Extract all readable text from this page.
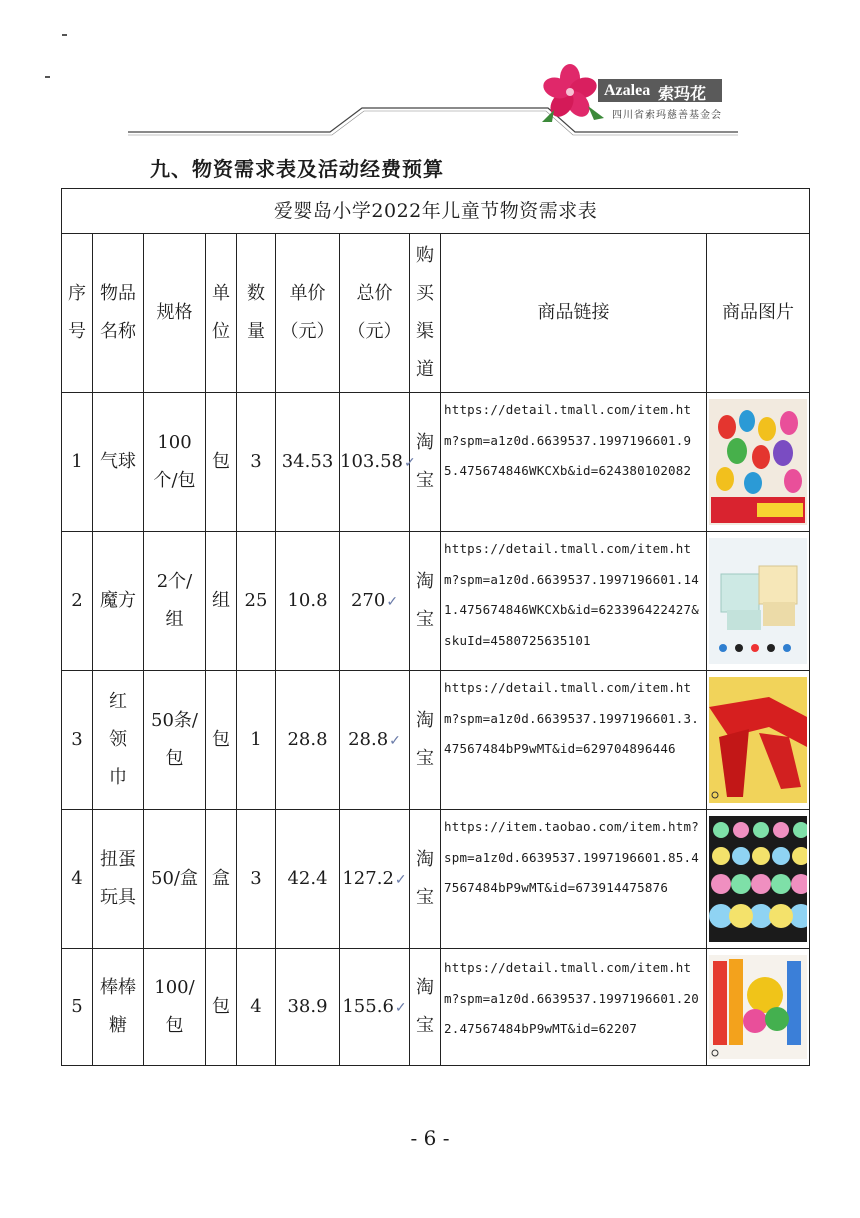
Azalea 索玛花
四川省索玛慈善基金会
九、物资需求表及活动经费预算
爱婴岛小学2022年儿童节物资需求表									
序号	物品名称	规格	单位	数量	单价（元）	总价（元）	购买渠道	商品链接	商品图片
1	气球	100个/包	包	3	34.53	103.58✓	淘宝	https://detail.tmall.com/item.htm?spm=a1z0d.6639537.1997196601.95.475674846WKCXb&id=624380102082	

2	魔方	2个/组	组	25	10.8	270✓	淘宝	https://detail.tmall.com/item.htm?spm=a1z0d.6639537.1997196601.141.475674846WKCXb&id=623396422427&skuId=4580725635101	

3	红领巾	50条/包	包	1	28.8	28.8✓	淘宝	https://detail.tmall.com/item.htm?spm=a1z0d.6639537.1997196601.3.47567484bP9wMT&id=629704896446	

4	扭蛋玩具	50/盒	盒	3	42.4	127.2✓	淘宝	https://item.taobao.com/item.htm?spm=a1z0d.6639537.1997196601.85.47567484bP9wMT&id=673914475876	

5	棒棒糖	100/包	包	4	38.9	155.6✓	淘宝	https://detail.tmall.com/item.htm?spm=a1z0d.6639537.1997196601.202.47567484bP9wMT&id=62207	
- 6 -
